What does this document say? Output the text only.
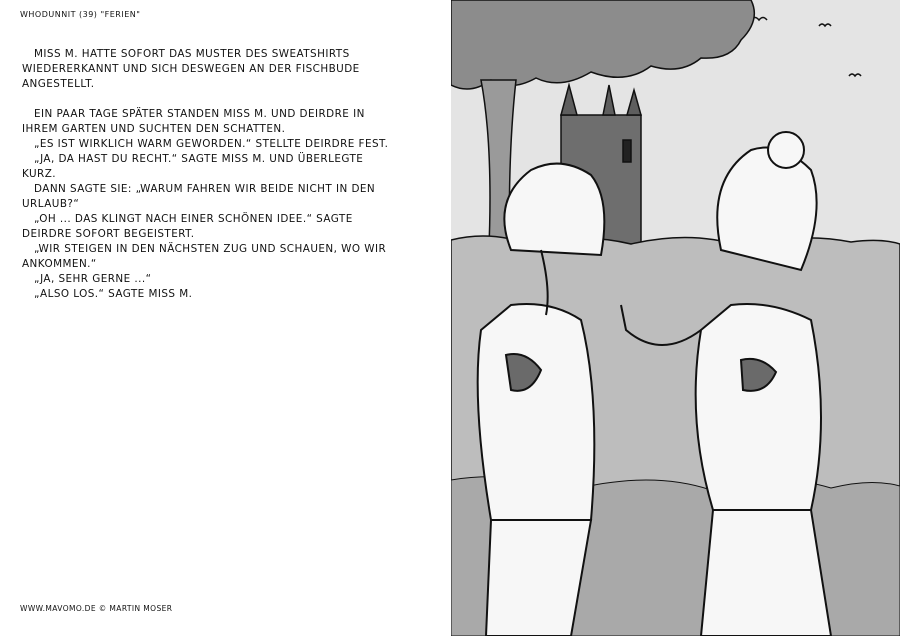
WHODUNNIT (39) "FERIEN"
MISS M. HATTE SOFORT DAS MUSTER DES SWEATSHIRTS
WIEDERERKANNT UND SICH DESWEGEN AN DER FISCHBUDE
ANGESTELLT.
EIN PAAR TAGE SPÄTER STANDEN MISS M. UND DEIRDRE IN
IHREM GARTEN UND SUCHTEN DEN SCHATTEN.
„ES IST WIRKLICH WARM GEWORDEN.“ STELLTE DEIRDRE FEST.
„JA, DA HAST DU RECHT.“ SAGTE MISS M. UND ÜBERLEGTE
KURZ.
DANN SAGTE SIE: „WARUM FAHREN WIR BEIDE NICHT IN DEN
URLAUB?“
„OH ... DAS KLINGT NACH EINER SCHÖNEN IDEE.“ SAGTE
DEIRDRE SOFORT BEGEISTERT.
„WIR STEIGEN IN DEN NÄCHSTEN ZUG UND SCHAUEN, WO WIR
ANKOMMEN.“
„JA, SEHR GERNE ...“
„ALSO LOS.“ SAGTE MISS M.
WWW.MAVOMO.DE © MARTIN MOSER
